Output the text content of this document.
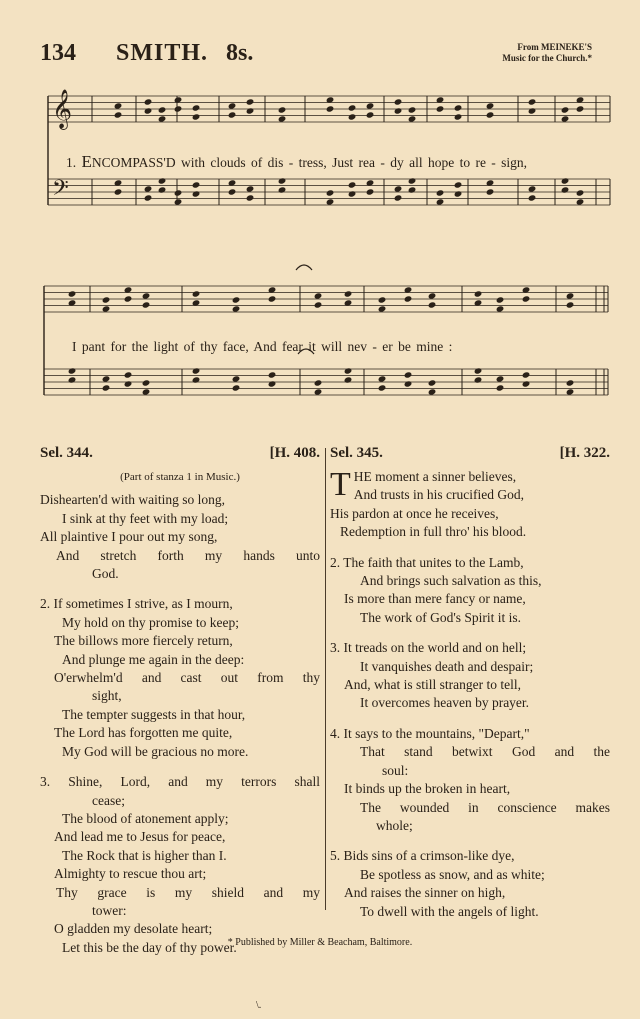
134 SMITH. 8s.	From MEINEKE'S
Music for the Church.*
𝄞
𝄢
1. ENCOMPASS'D with clouds of dis - tress, Just rea - dy all hope to re - sign,
I pant for the light of thy face, And fear it will nev - er be mine :
Sel. 344.	[H. 408.
(Part of stanza 1 in Music.)
Dishearten'd with waiting so long,
I sink at thy feet with my load;
All plaintive I pour out my song,
And stretch forth my hands unto
God.
2. If sometimes I strive, as I mourn,
My hold on thy promise to keep;
The billows more fiercely return,
And plunge me again in the deep:
O'erwhelm'd and cast out from thy
sight,
The tempter suggests in that hour,
The Lord has forgotten me quite,
My God will be gracious no more.
3. Shine, Lord, and my terrors shall
cease;
The blood of atonement apply;
And lead me to Jesus for peace,
The Rock that is higher than I.
Almighty to rescue thou art;
Thy grace is my shield and my
tower:
O gladden my desolate heart;
Let this be the day of thy power.
Sel. 345.	[H. 322.
T HE moment a sinner believes,
And trusts in his crucified God,
His pardon at once he receives,
Redemption in full thro' his blood.
2. The faith that unites to the Lamb,
And brings such salvation as this,
Is more than mere fancy or name,
The work of God's Spirit it is.
3. It treads on the world and on hell;
It vanquishes death and despair;
And, what is still stranger to tell,
It overcomes heaven by prayer.
4. It says to the mountains, "Depart,"
That stand betwixt God and the
soul:
It binds up the broken in heart,
The wounded in conscience makes
whole;
5. Bids sins of a crimson-like dye,
Be spotless as snow, and as white;
And raises the sinner on high,
To dwell with the angels of light.
* Published by Miller & Beacham, Baltimore.
\.
